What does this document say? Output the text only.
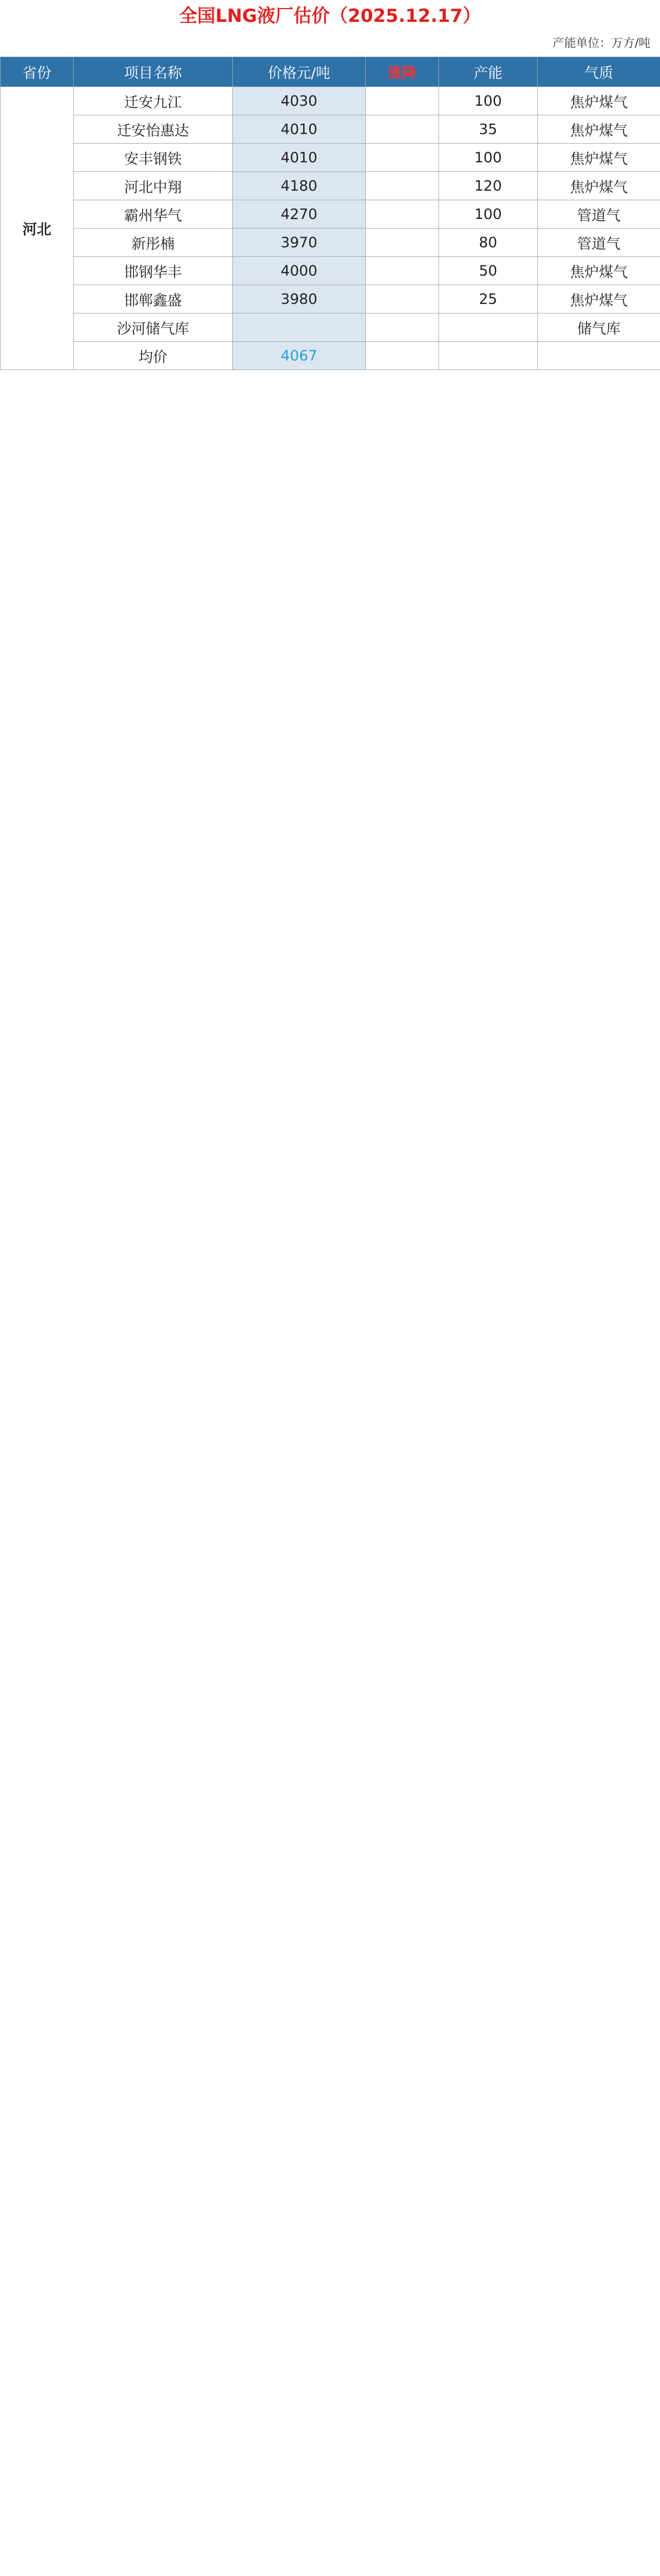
全国LNG液厂估价（2025.12.17）
产能单位：万方/吨
省份	项目名称	价格元/吨	涨降	产能	气质
河北	迁安九江	4030		100	焦炉煤气
	迁安怡惠达	4010		35	焦炉煤气
	安丰钢铁	4010		100	焦炉煤气
	河北中翔	4180		120	焦炉煤气
	霸州华气	4270		100	管道气
	新彤楠	3970		80	管道气
	邯钢华丰	4000		50	焦炉煤气
	邯郸鑫盛	3980		25	焦炉煤气
	沙河储气库				储气库
	均价	4067			
